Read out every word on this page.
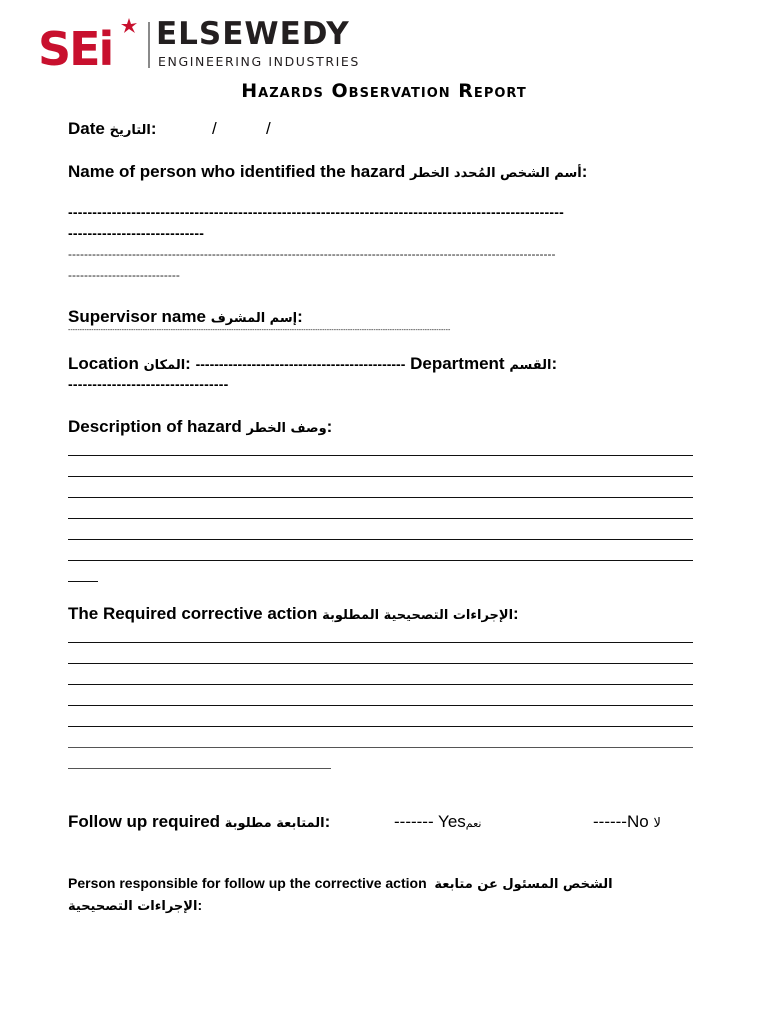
SEi ELSEWEDY
ENGINEERING INDUSTRIES
Hazards Observation Report
Date التاريخ:	/	/
Name of person who identified the hazard أسم الشخص المُحدد الخطر:
------------------------------------------------------------------------------------------------------
----------------------------
--------------------------------------------------------------------------------------------------------------------------
----------------------------
Supervisor name إسم المشرف:
--------------------------------------------------------------------------------------------------------------------------------------------------------------------
Location المكان: --------------------------------------------- Department القسم:
---------------------------------
Description of hazard وصف الخطر:
The Required corrective action الإجراءات التصحيحية المطلوبة:
Follow up required المتابعة مطلوبة:	------- Yesنعم	------No لا
Person responsible for follow up the corrective action الشخص المسئول عن متابعة الإجراءات التصحيحية:
